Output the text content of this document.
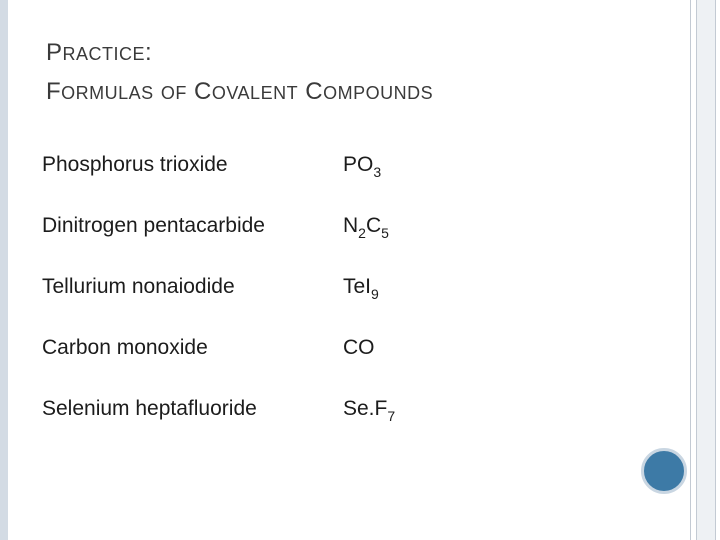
PRACTICE:
FORMULAS OF COVALENT COMPOUNDS
Phosphorus trioxide	$PO_3$
Dinitrogen pentacarbide	$N_2C_5$
Tellurium nonaiodide	TeI$_9$
Carbon monoxide	CO
Selenium heptafluoride	$Se.F_7$
